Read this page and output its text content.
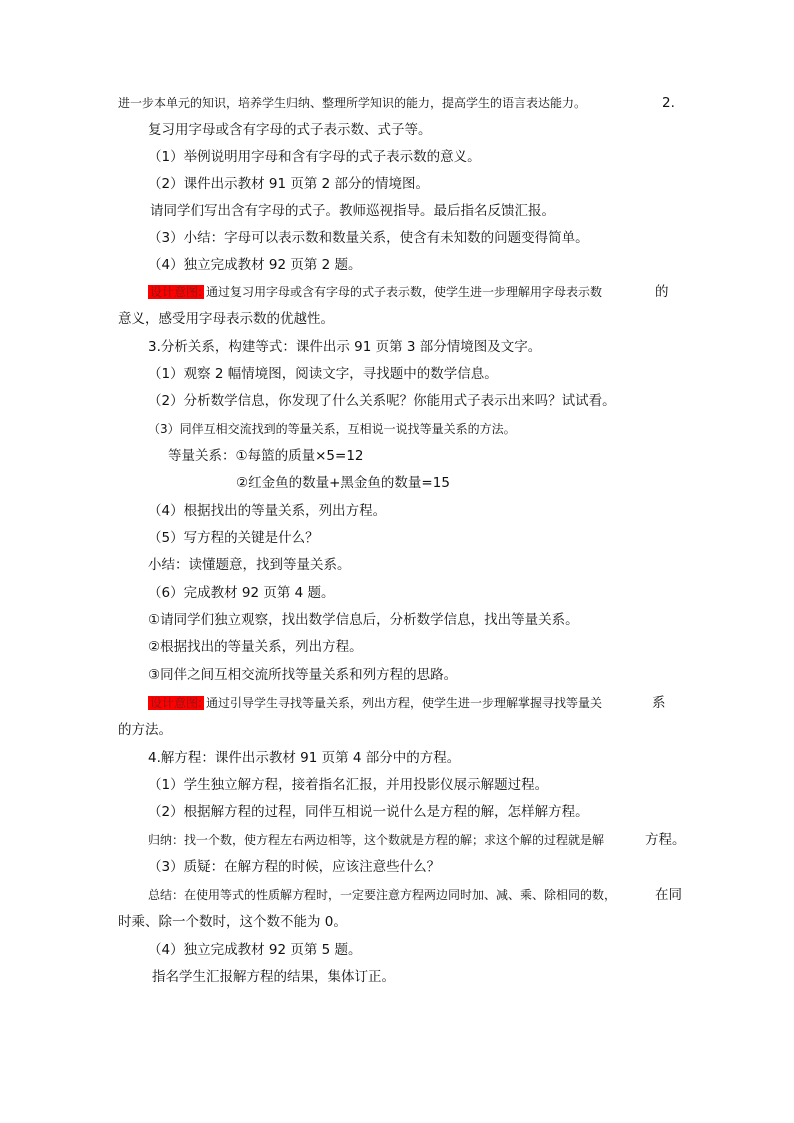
进一步本单元的知识，培养学生归纳、整理所学知识的能力，提高学生的语言表达能力。	2.
复习用字母或含有字母的式子表示数、式子等。
（1）举例说明用字母和含有字母的式子表示数的意义。
（2）课件出示教材 91 页第 2 部分的情境图。
请同学们写出含有字母的式子。教师巡视指导。最后指名反馈汇报。
（3）小结：字母可以表示数和数量关系，使含有未知数的问题变得简单。
（4）独立完成教材 92 页第 2 题。
设计意图: 通过复习用字母或含有字母的式子表示数，使学生进一步理解用字母表示数	的
意义，感受用字母表示数的优越性。
3.分析关系，构建等式：课件出示 91 页第 3 部分情境图及文字。
（1）观察 2 幅情境图，阅读文字，寻找题中的数学信息。
（2）分析数学信息，你发现了什么关系呢？你能用式子表示出来吗？试试看。
（3）同伴互相交流找到的等量关系，互相说一说找等量关系的方法。
等量关系：①每篮的质量×5=12
②红金鱼的数量+黑金鱼的数量=15
（4）根据找出的等量关系，列出方程。
（5）写方程的关键是什么？
小结：读懂题意，找到等量关系。
（6）完成教材 92 页第 4 题。
①请同学们独立观察，找出数学信息后，分析数学信息，找出等量关系。
②根据找出的等量关系，列出方程。
③同伴之间互相交流所找等量关系和列方程的思路。
设计意图: 通过引导学生寻找等量关系，列出方程，使学生进一步理解掌握寻找等量关	系
的方法。
4.解方程：课件出示教材 91 页第 4 部分中的方程。
（1）学生独立解方程，接着指名汇报，并用投影仪展示解题过程。
（2）根据解方程的过程，同伴互相说一说什么是方程的解，怎样解方程。
归纳：找一个数，使方程左右两边相等，这个数就是方程的解；求这个解的过程就是解	方程。
（3）质疑：在解方程的时候，应该注意些什么？
总结：在使用等式的性质解方程时，一定要注意方程两边同时加、减、乘、除相同的数，	在同
时乘、除一个数时，这个数不能为 0。
（4）独立完成教材 92 页第 5 题。
指名学生汇报解方程的结果，集体订正。
